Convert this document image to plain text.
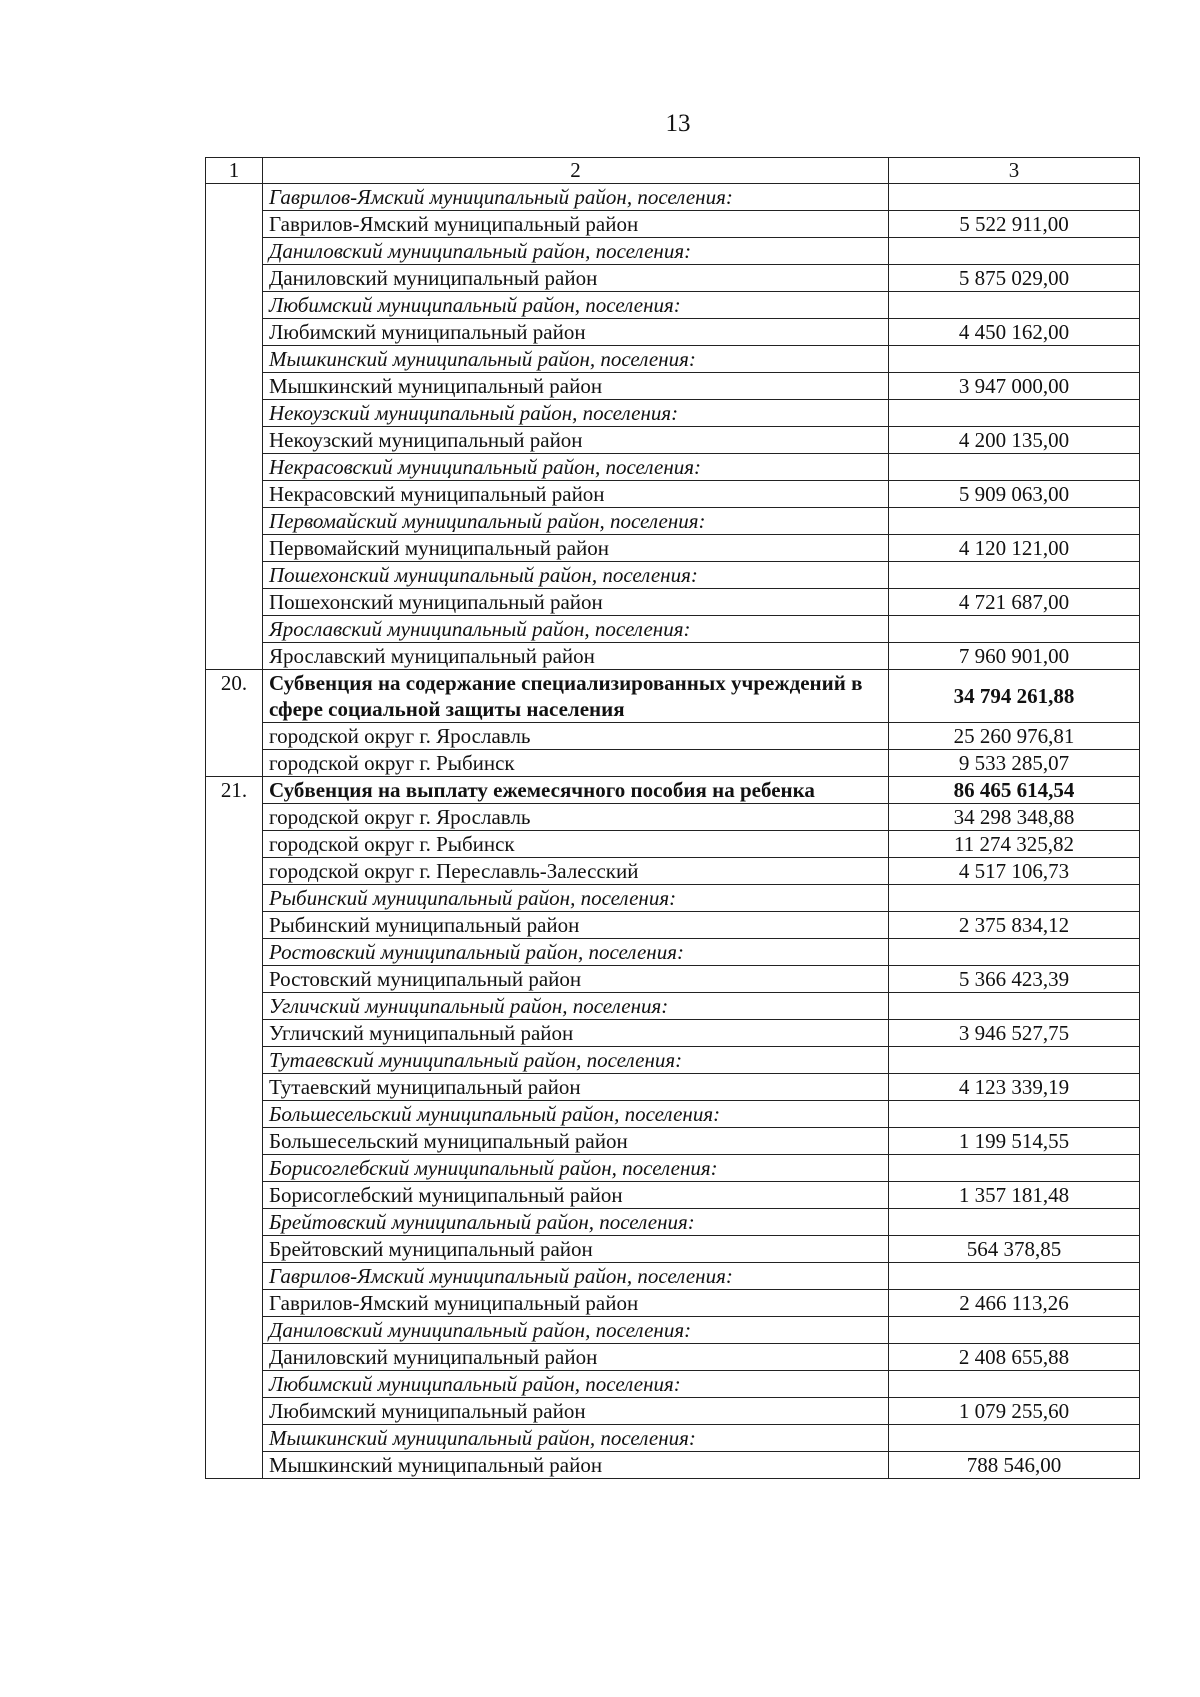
13
1	2	3
	Гаврилов-Ямский муниципальный район, поселения:	
	Гаврилов-Ямский муниципальный район	5 522 911,00
	Даниловский муниципальный район, поселения:	
	Даниловский муниципальный район	5 875 029,00
	Любимский муниципальный район, поселения:	
	Любимский муниципальный район	4 450 162,00
	Мышкинский муниципальный район, поселения:	
	Мышкинский муниципальный район	3 947 000,00
	Некоузский муниципальный район, поселения:	
	Некоузский муниципальный район	4 200 135,00
	Некрасовский муниципальный район, поселения:	
	Некрасовский муниципальный район	5 909 063,00
	Первомайский муниципальный район, поселения:	
	Первомайский муниципальный район	4 120 121,00
	Пошехонский муниципальный район, поселения:	
	Пошехонский муниципальный район	4 721 687,00
	Ярославский муниципальный район, поселения:	
	Ярославский муниципальный район	7 960 901,00
20.	Субвенция на содержание специализированных учреждений в сфере социальной защиты населения	34 794 261,88
	городской округ г. Ярославль	25 260 976,81
	городской округ г. Рыбинск	9 533 285,07
21.	Субвенция на выплату ежемесячного пособия на ребенка	86 465 614,54
	городской округ г. Ярославль	34 298 348,88
	городской округ г. Рыбинск	11 274 325,82
	городской округ г. Переславль-Залесский	4 517 106,73
	Рыбинский муниципальный район, поселения:	
	Рыбинский муниципальный район	2 375 834,12
	Ростовский муниципальный район, поселения:	
	Ростовский муниципальный район	5 366 423,39
	Угличский муниципальный район, поселения:	
	Угличский муниципальный район	3 946 527,75
	Тутаевский муниципальный район, поселения:	
	Тутаевский муниципальный район	4 123 339,19
	Большесельский муниципальный район, поселения:	
	Большесельский муниципальный район	1 199 514,55
	Борисоглебский муниципальный район, поселения:	
	Борисоглебский муниципальный район	1 357 181,48
	Брейтовский муниципальный район, поселения:	
	Брейтовский муниципальный район	564 378,85
	Гаврилов-Ямский муниципальный район, поселения:	
	Гаврилов-Ямский муниципальный район	2 466 113,26
	Даниловский муниципальный район, поселения:	
	Даниловский муниципальный район	2 408 655,88
	Любимский муниципальный район, поселения:	
	Любимский муниципальный район	1 079 255,60
	Мышкинский муниципальный район, поселения:	
	Мышкинский муниципальный район	788 546,00
